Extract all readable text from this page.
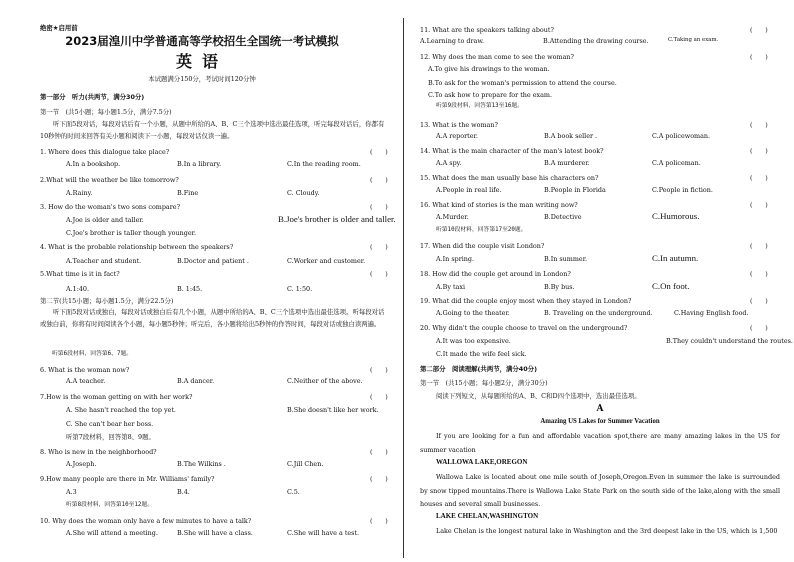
绝密★启用前
2023届湟川中学普通高等学校招生全国统一考试模拟
英语
本试题满分150分，考试时间120分钟
第一部分　听力(共两节，满分30分)
第一节　(共5小题；每小题1.5分，满分7.5分)
听下面5段对话，每段对话后有一个小题，从题中所给的A、B、C三个选项中选出最佳选项，听完每段对话后，你都有10秒钟的时间来回答有关小题和阅读下一小题，每段对话仅读一遍。
1. Where does this dialogue take place?	(　　)
A.In a bookshop.	B.In a library.	C.In the reading room.
2.What will the weather be like tomorrow?	(　　)
A.Rainy.	B.Fine	C. Cloudy.
3. How do the woman's two sons compare?	(　　)
A.Joe is older and taller.	B.Joe's brother is older and taller.
C.Joe's brother is taller though younger.
4. What is the probable relationship between the speakers?	(　　)
A.Teacher and student.	B.Doctor and patient .	C.Worker and customer.
5.What time is it in fact?	(　　)
A.1:40.	B. 1:45.	C. 1:50.
第二节(共15小题；每小题1.5分，满分22.5分)
听下面5段对话或独白，每段对话或独白后有几个小题，从题中所给的A、B、C三个选项中选出最佳选项。听每段对话或独白前，你将有时间阅读各个小题，每小题5秒钟；听完后，各小题将给出5秒钟的作答时间，每段对话或独白读两遍。
听第6段材料，回答第6、7题。
6. What is the woman now?	(　　)
A.A teacher.	B.A dancer.	C.Neither of the above.
7.How is the woman getting on with her work?	(　　)
A. She hasn't reached the top yet.	B.She doesn't like her work.
C. She can't bear her boss.
听第7段材料，回答第8、9题。
8. Who is new in the neighborhood?	(　　)
A.Joseph.	B.The Wilkins .	C.Jill Chen.
9.How many people are there in Mr. Williams' family?	(　　)
A.3	B.4.	C.5.
听第8段材料，回答第10至12题。
10. Why does the woman only have a few minutes to have a talk?	(　　)
A.She will attend a meeting.	B.She will have a class.	C.She will have a test.
11. What are the speakers talking about?	(　　)
A.Learning to draw.	B.Attending the drawing course.	C.Taking an exam.
12. Why does the man come to see the woman?	(　　)
A.To give his drawings to the woman.
B.To ask for the woman's permission to attend the course.
C.To ask how to prepare for the exam.
听第9段材料，回答第13至16题。
13. What is the woman?	(　　)
A.A reporter.	B.A book seller .	C.A policewoman.
14. What is the main character of the man's latest book?	(　　)
A.A spy.	B.A murderer.	C.A policeman.
15. What does the man usually base his characters on?	(　　)
A.People in real life.	B.People in Florida	C.People in fiction.
16. What kind of stories is the man writing now?	(　　)
A.Murder.	B.Detective	C.Humorous.
听第10段材料，回答第17至20题。
17. When did the couple visit London?	(　　)
A.In spring.	B.In summer.	C.In autumn.
18. How did the couple get around in London?	(　　)
A.By taxi	B.By bus.	C.On foot.
19. What did the couple enjoy most when they stayed in London?	(　　)
A.Going to the theater.	B. Traveling on the underground.	C.Having English food.
20. Why didn't the couple choose to travel on the underground?	(　　)
A.It was too expensive.	B.They couldn't understand the routes.
C.It made the wife feel sick.
第二部分　阅读理解(共两节，满分40分)
第一节　(共15小题；每小题2分，满分30分)
阅读下列短文，从每题所给的A、B、C和D四个选项中，选出最佳选项。
A
Amazing US Lakes for Summer Vacation
If you are looking for a fun and affordable vacation spot,there are many amazing lakes in the US for summer vacation
WALLOWA LAKE,OREGON
Wallowa Lake is located about one mile south of Joseph,Oregon.Even in summer the lake is surrounded by snow tipped mountains.There is Wallowa Lake State Park on the south side of the lake,along with the small houses and several small businesses.
LAKE CHELAN,WASHINGTON
Lake Chelan is the longest natural lake in Washington and the 3rd deepest lake in the US, which is 1,500
